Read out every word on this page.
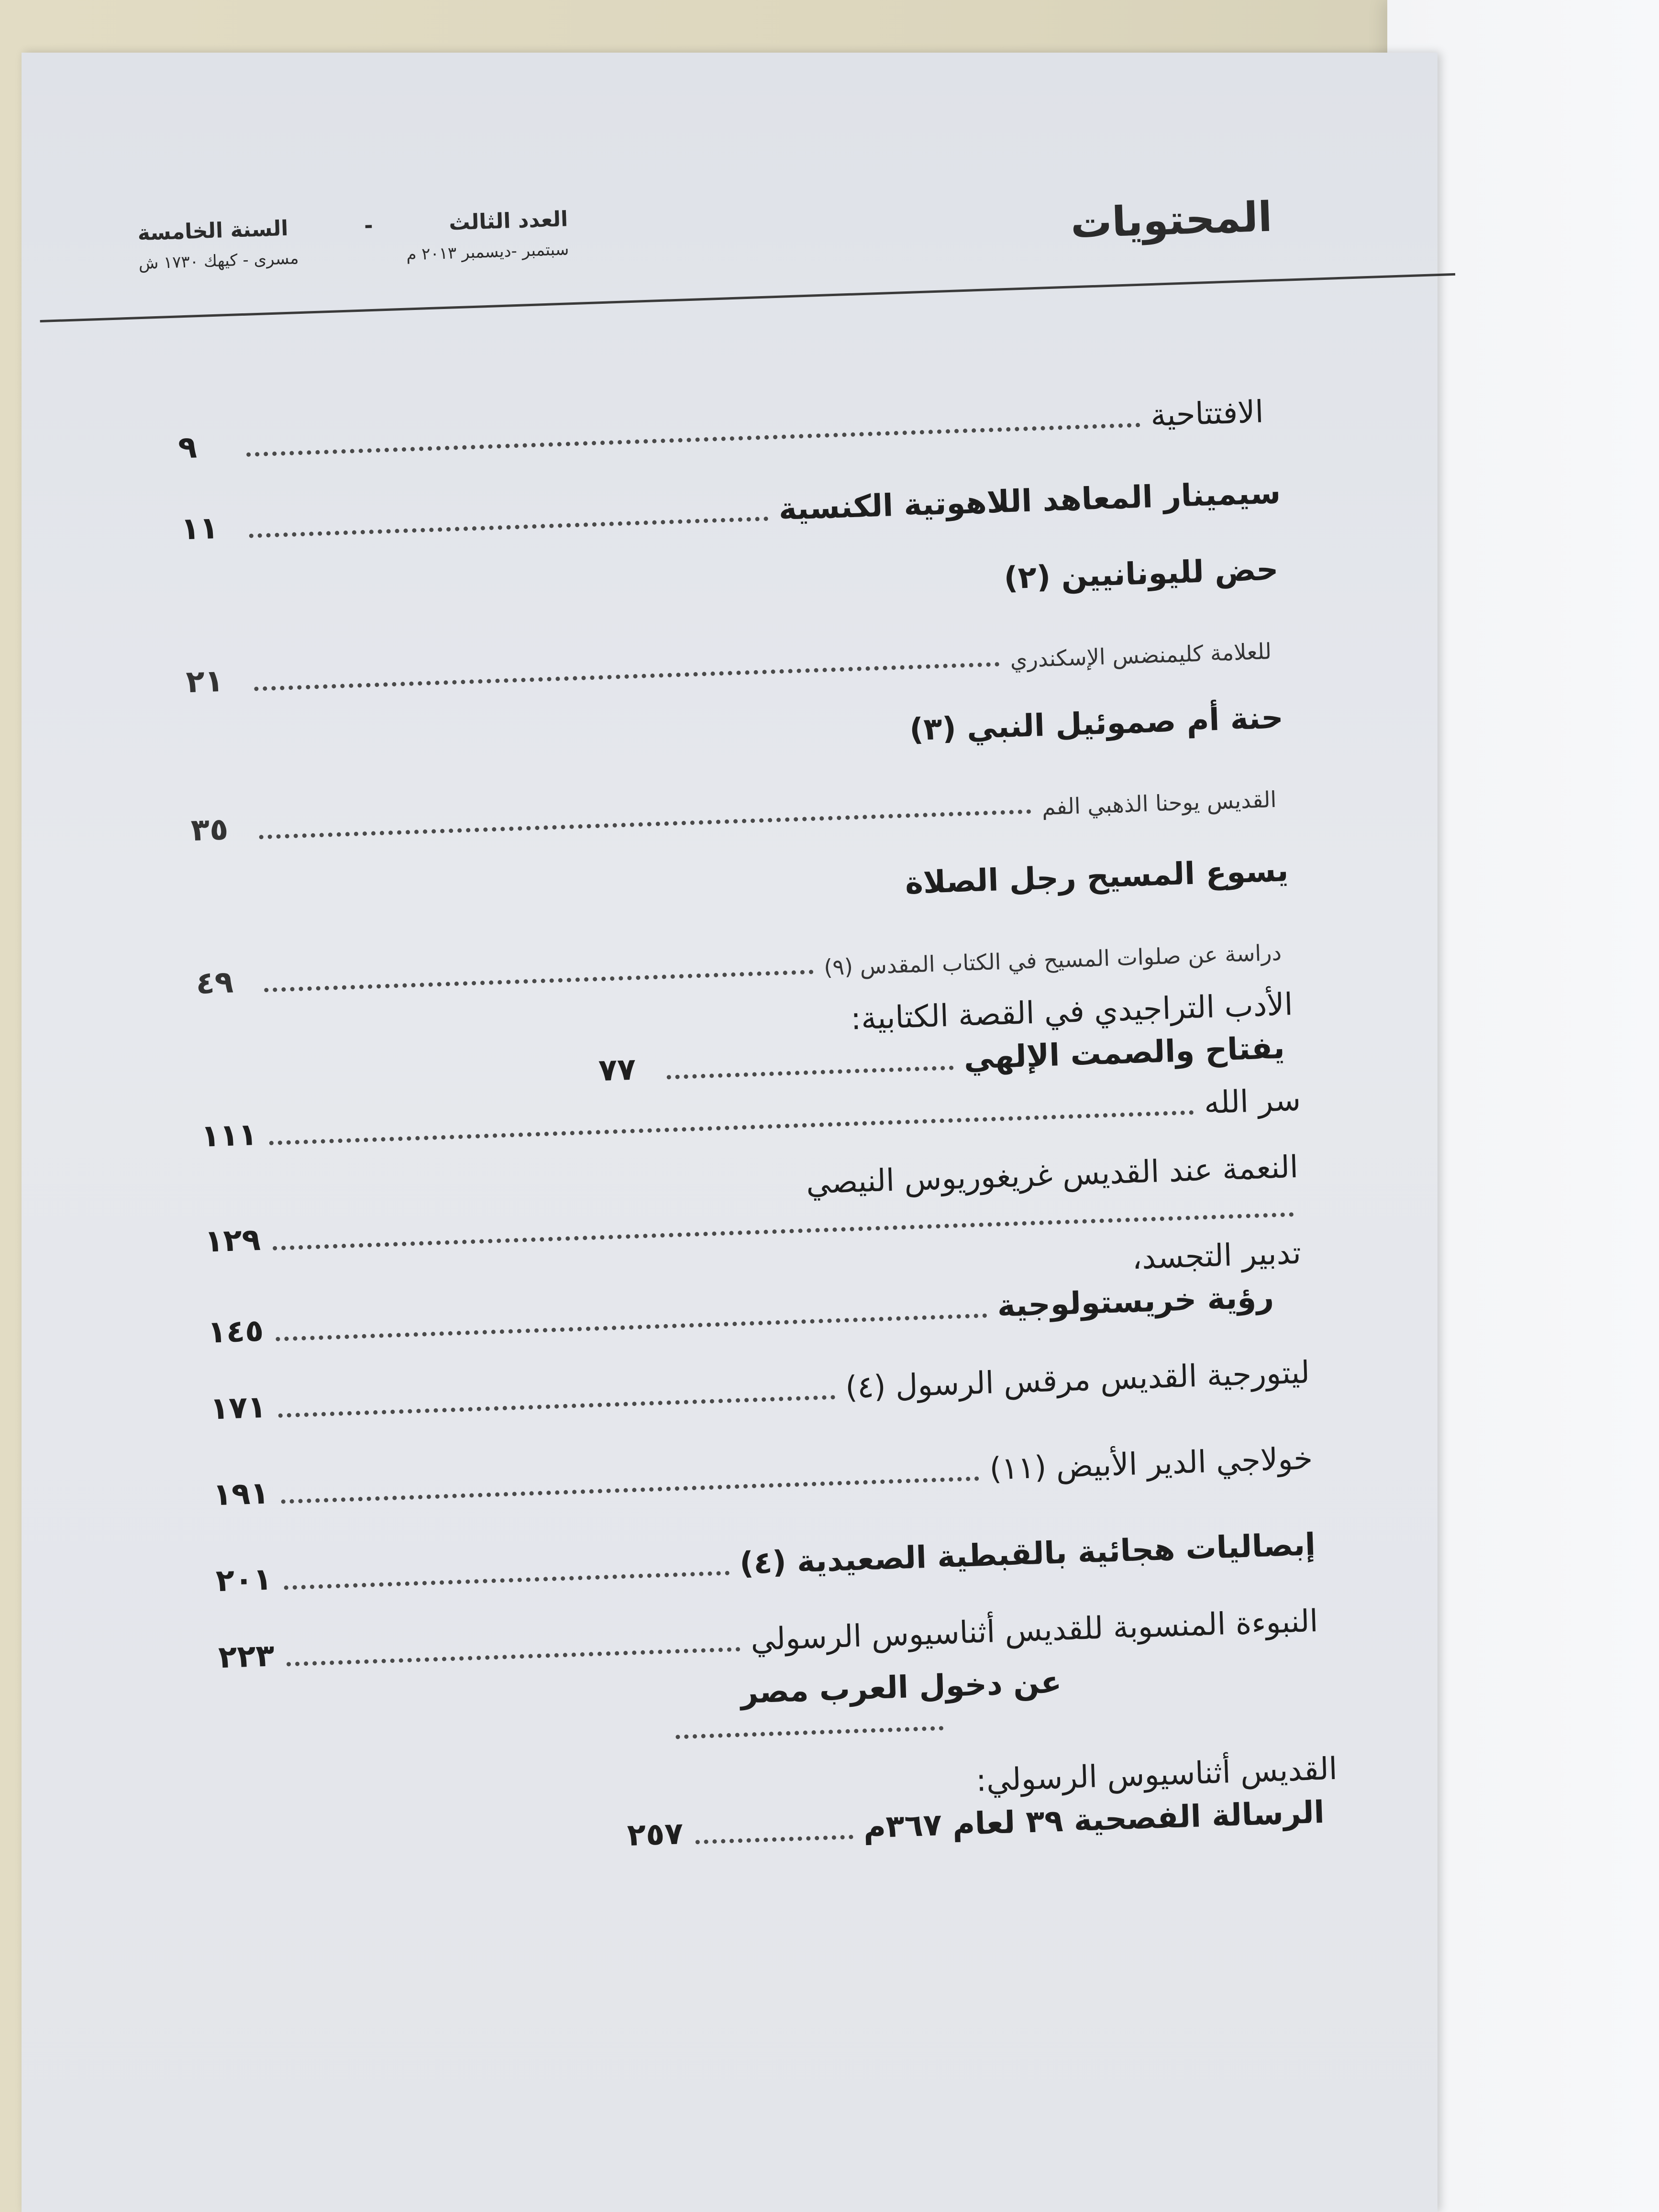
المحتويات
العدد الثالث
-
السنة الخامسة
سبتمبر -ديسمبر ٢٠١٣ م
مسرى - كيهك ١٧٣٠ ش
الافتتاحية
٩
سيمينار المعاهد اللاهوتية الكنسية
١١
حض لليونانيين (٢)
للعلامة كليمنضس الإسكندري
٢١
حنة أم صموئيل النبي (٣)
القديس يوحنا الذهبي الفم
٣٥
يسوع المسيح رجل الصلاة
دراسة عن صلوات المسيح في الكتاب المقدس (٩)
٤٩
الأدب التراجيدي في القصة الكتابية:
يفتاح والصمت الإلهي
٧٧
سر الله
١١١
النعمة عند القديس غريغوريوس النيصي
١٢٩	تدبير التجسد،
رؤية خريستولوجية
١٤٥
ليتورجية القديس مرقس الرسول (٤)
١٧١
خولاجي الدير الأبيض (١١)
١٩١
إبصاليات هجائية بالقبطية الصعيدية (٤)
٢٠١
النبوءة المنسوبة للقديس أثناسيوس الرسولي
٢٢٣
عن دخول العرب مصر
القديس أثناسيوس الرسولي:
الرسالة الفصحية ٣٩ لعام ٣٦٧م
٢٥٧
